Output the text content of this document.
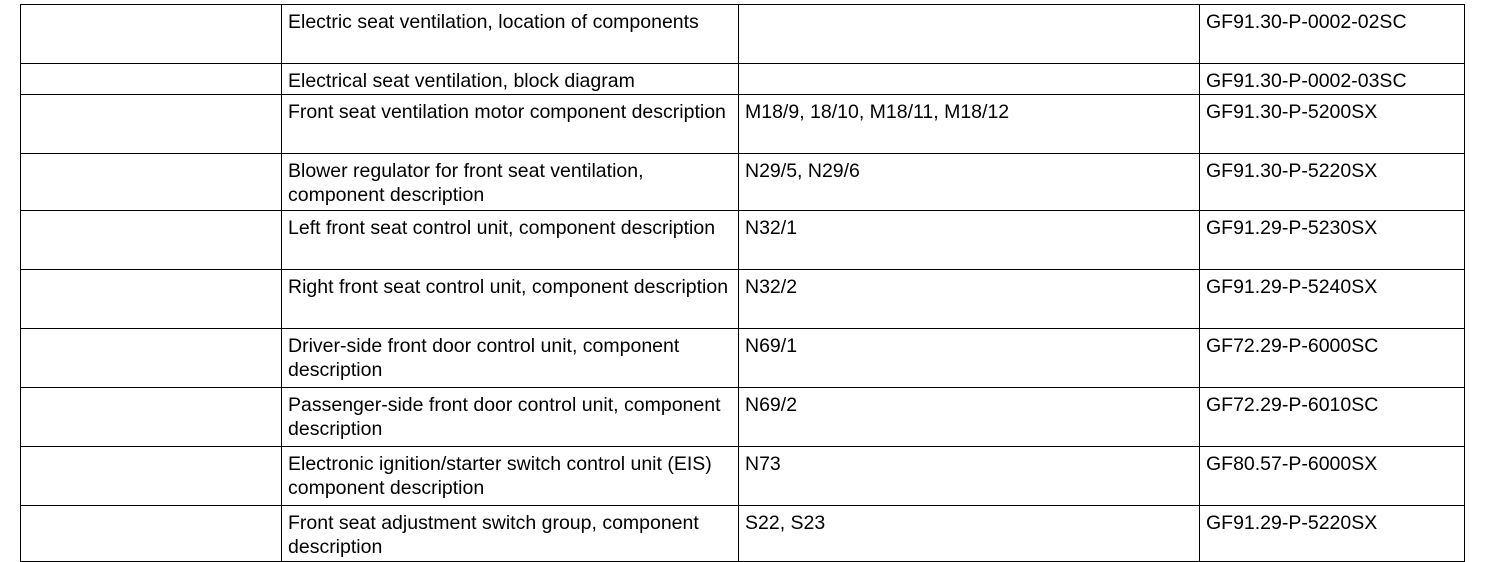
	Electric seat ventilation, location of components		GF91.30-P-0002-02SC
	Electrical seat ventilation, block diagram		GF91.30-P-0002-03SC
	Front seat ventilation motor component description	M18/9, 18/10, M18/11, M18/12	GF91.30-P-5200SX
	Blower regulator for front seat ventilation, component description	N29/5, N29/6	GF91.30-P-5220SX
	Left front seat control unit, component description	N32/1	GF91.29-P-5230SX
	Right front seat control unit, component description	N32/2	GF91.29-P-5240SX
	Driver-side front door control unit, component description	N69/1	GF72.29-P-6000SC
	Passenger-side front door control unit, component description	N69/2	GF72.29-P-6010SC
	Electronic ignition/starter switch control unit (EIS) component description	N73	GF80.57-P-6000SX
	Front seat adjustment switch group, component description	S22, S23	GF91.29-P-5220SX
